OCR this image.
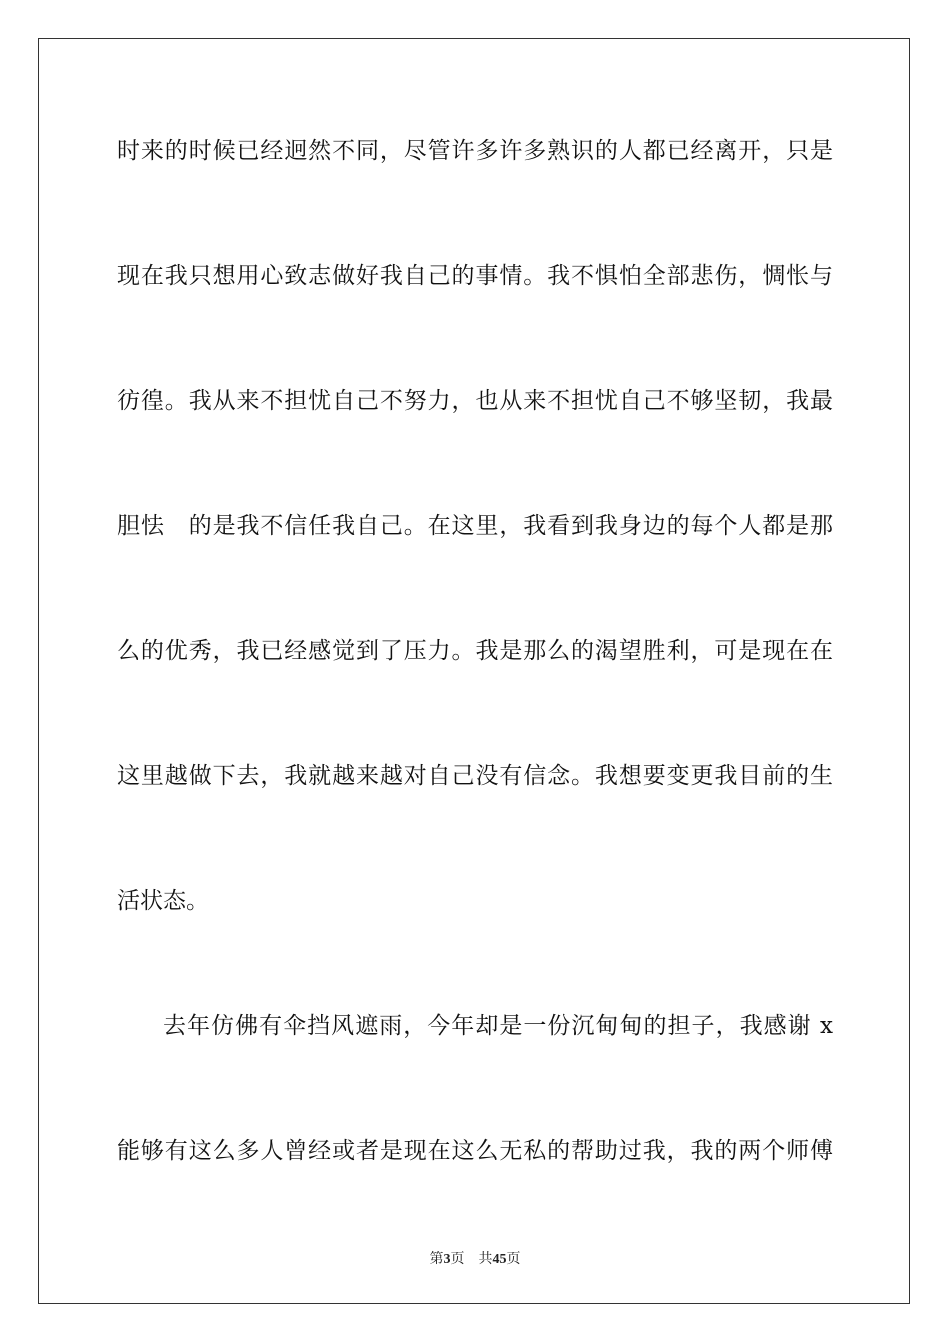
时来的时候已经迥然不同，尽管许多许多熟识的人都已经离开，只是
现在我只想用心致志做好我自己的事情。我不惧怕全部悲伤，惆怅与
彷徨。我从来不担忧自己不努力，也从来不担忧自己不够坚韧，我最
胆怯　的是我不信任我自己。在这里，我看到我身边的每个人都是那
么的优秀，我已经感觉到了压力。我是那么的渴望胜利，可是现在在
这里越做下去，我就越来越对自己没有信念。我想要变更我目前的生
活状态。
去年仿佛有伞挡风遮雨，今年却是一份沉甸甸的担子，我感谢 x
能够有这么多人曾经或者是现在这么无私的帮助过我，我的两个师傅
第3页 共45页
